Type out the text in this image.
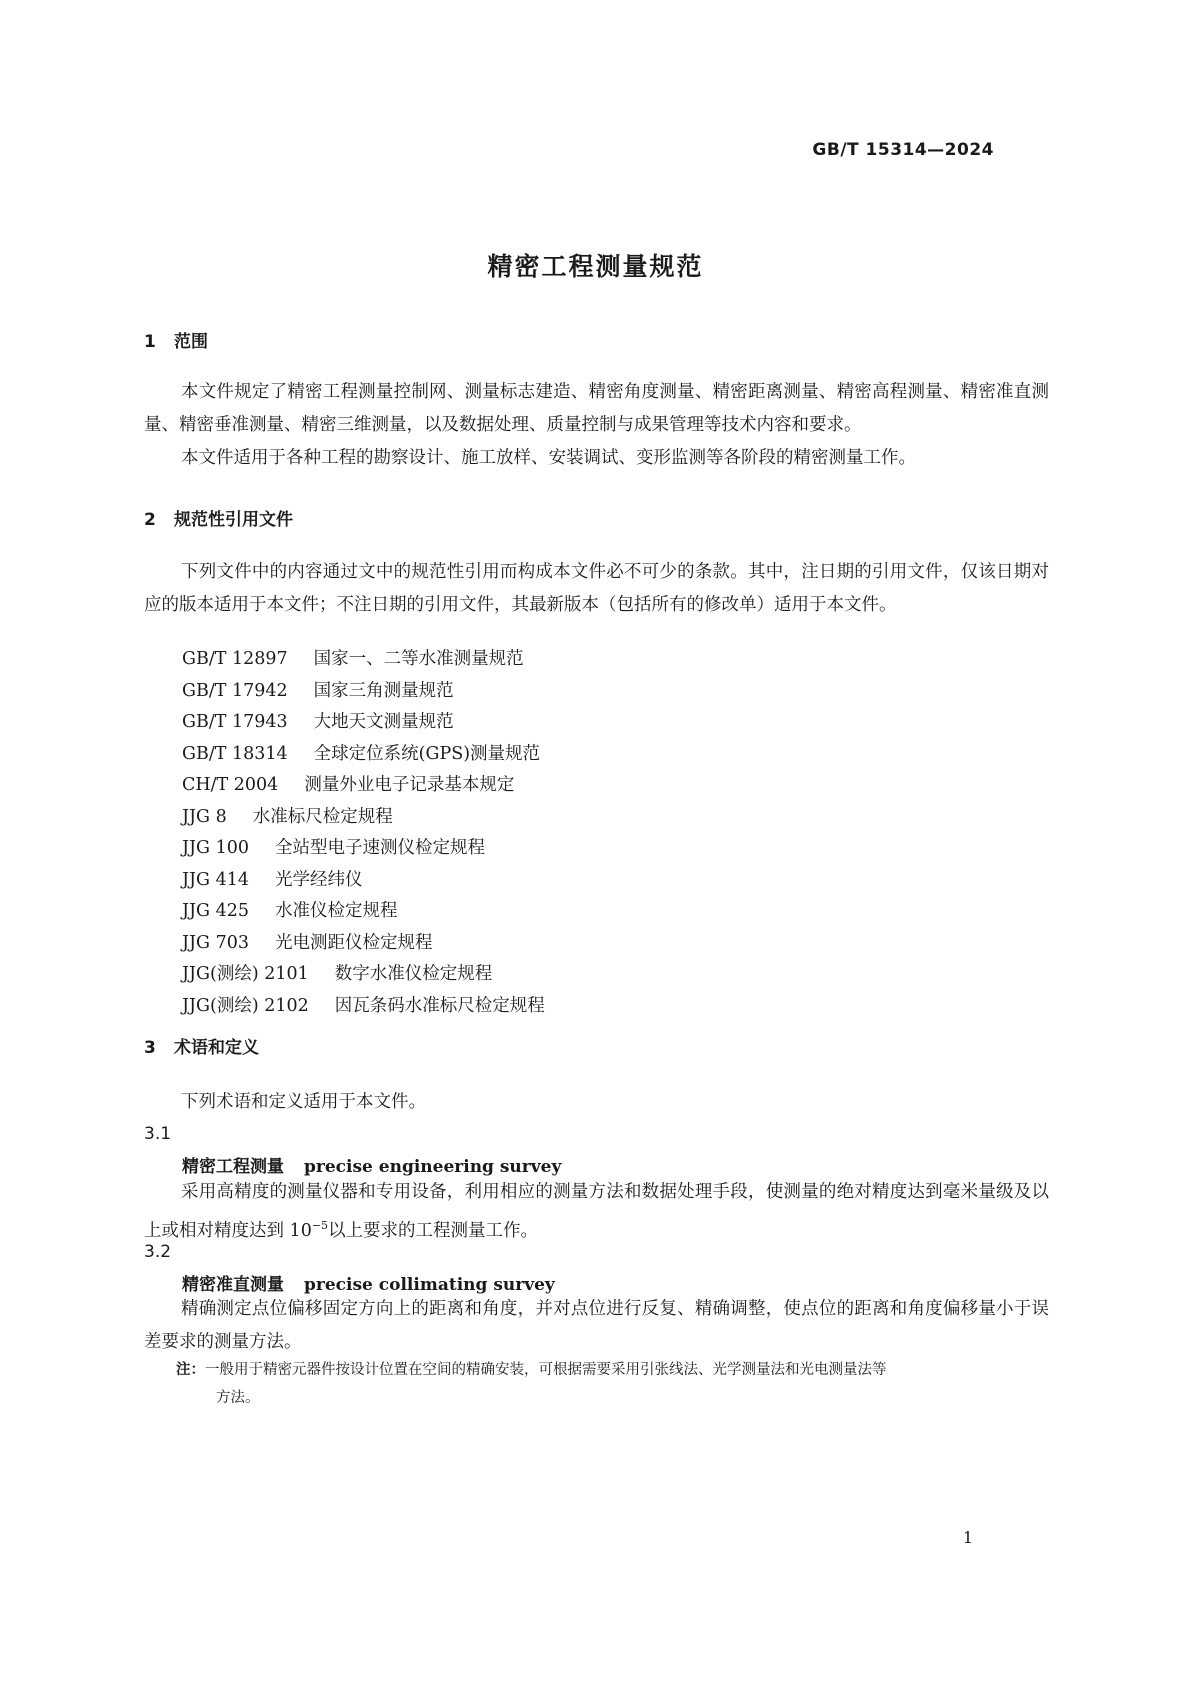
GB/T 15314—2024
精密工程测量规范
1 范围

本文件规定了精密工程测量控制网、测量标志建造、精密角度测量、精密距离测量、精密高程测量、精密准直测量、精密垂准测量、精密三维测量，以及数据处理、质量控制与成果管理等技术内容和要求。

本文件适用于各种工程的勘察设计、施工放样、安装调试、变形监测等各阶段的精密测量工作。

2 规范性引用文件

下列文件中的内容通过文中的规范性引用而构成本文件必不可少的条款。其中，注日期的引用文件，仅该日期对应的版本适用于本文件；不注日期的引用文件，其最新版本（包括所有的修改单）适用于本文件。

GB/T 12897 国家一、二等水准测量规范
GB/T 17942 国家三角测量规范
GB/T 17943 大地天文测量规范
GB/T 18314 全球定位系统(GPS)测量规范
CH/T 2004 测量外业电子记录基本规定
JJG 8 水准标尺检定规程
JJG 100 全站型电子速测仪检定规程
JJG 414 光学经纬仪
JJG 425 水准仪检定规程
JJG 703 光电测距仪检定规程
JJG(测绘) 2101 数字水准仪检定规程
JJG(测绘) 2102 因瓦条码水准标尺检定规程
3 术语和定义

下列术语和定义适用于本文件。

3.1
精密工程测量 precise engineering survey

采用高精度的测量仪器和专用设备，利用相应的测量方法和数据处理手段，使测量的绝对精度达到毫米量级及以上或相对精度达到 $10^{-5}$以上要求的工程测量工作。

3.2
精密准直测量 precise collimating survey

精确测定点位偏移固定方向上的距离和角度，并对点位进行反复、精确调整，使点位的距离和角度偏移量小于误差要求的测量方法。

注：一般用于精密元器件按设计位置在空间的精确安装，可根据需要采用引张线法、光学测量法和光电测量法等
方法。
1
